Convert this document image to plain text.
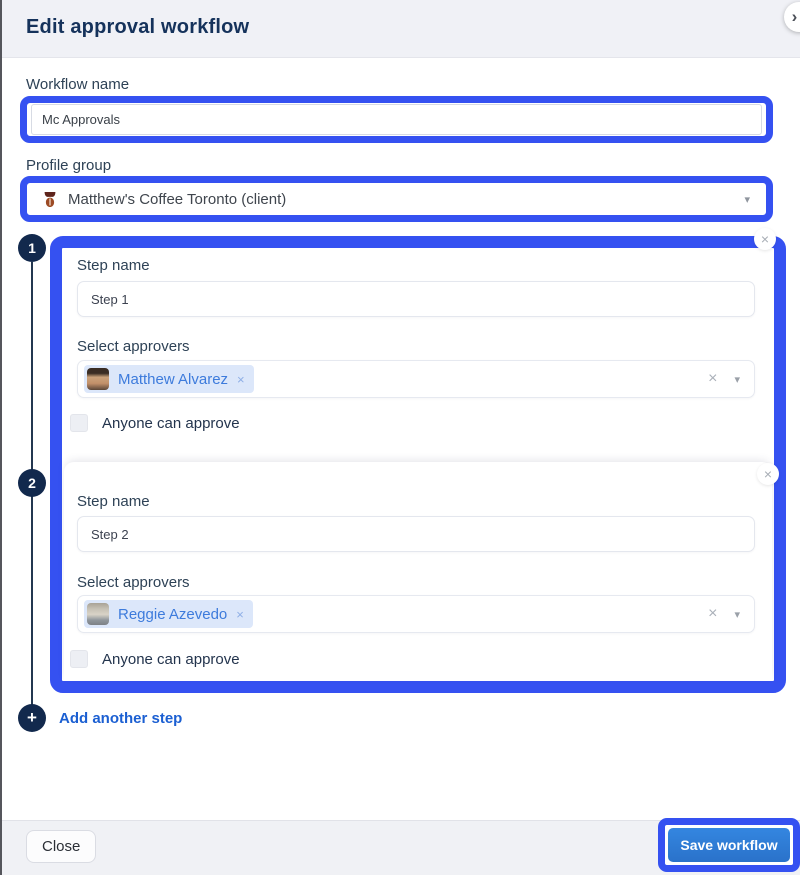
Edit approval workflow	›
Workflow name
Mc Approvals
Profile group
Matthew's Coffee Toronto (client)	▾
1
2
×
×
Step name
Step 1
Select approvers
Matthew Alvarez ×	× ▾
Anyone can approve
Step name
Step 2
Select approvers
Reggie Azevedo ×	× ▾
Anyone can approve
+	Add another step
Close	Save workflow
